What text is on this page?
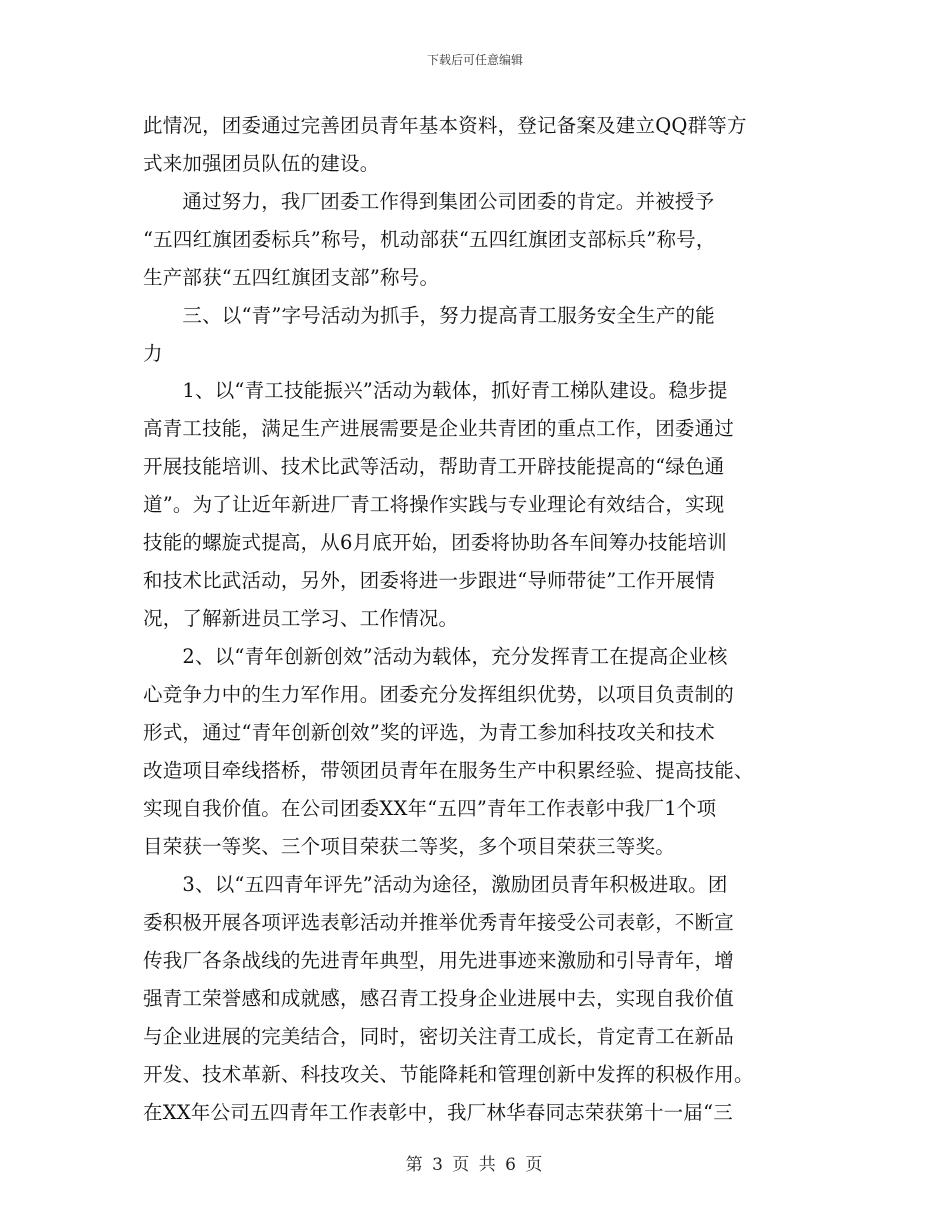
下载后可任意编辑
此情况，团委通过完善团员青年基本资料，登记备案及建立QQ群等方
式来加强团员队伍的建设。
　　通过努力，我厂团委工作得到集团公司团委的肯定。并被授予
“五四红旗团委标兵”称号，机动部获“五四红旗团支部标兵”称号，
生产部获“五四红旗团支部”称号。
　　三、以“青”字号活动为抓手，努力提高青工服务安全生产的能
力
　　1、以“青工技能振兴”活动为载体，抓好青工梯队建设。稳步提
高青工技能，满足生产进展需要是企业共青团的重点工作，团委通过
开展技能培训、技术比武等活动，帮助青工开辟技能提高的“绿色通
道”。为了让近年新进厂青工将操作实践与专业理论有效结合，实现
技能的螺旋式提高，从6月底开始，团委将协助各车间筹办技能培训
和技术比武活动，另外，团委将进一步跟进“导师带徒”工作开展情
况，了解新进员工学习、工作情况。
　　2、以“青年创新创效”活动为载体，充分发挥青工在提高企业核
心竞争力中的生力军作用。团委充分发挥组织优势，以项目负责制的
形式，通过“青年创新创效”奖的评选，为青工参加科技攻关和技术
改造项目牵线搭桥，带领团员青年在服务生产中积累经验、提高技能、
实现自我价值。在公司团委XX年“五四”青年工作表彰中我厂1个项
目荣获一等奖、三个项目荣获二等奖，多个项目荣获三等奖。
　　3、以“五四青年评先”活动为途径，激励团员青年积极进取。团
委积极开展各项评选表彰活动并推举优秀青年接受公司表彰，不断宣
传我厂各条战线的先进青年典型，用先进事迹来激励和引导青年，增
强青工荣誉感和成就感，感召青工投身企业进展中去，实现自我价值
与企业进展的完美结合，同时，密切关注青工成长，肯定青工在新品
开发、技术革新、科技攻关、节能降耗和管理创新中发挥的积极作用。
在XX年公司五四青年工作表彰中，我厂林华春同志荣获第十一届“三
第 3 页 共 6 页
